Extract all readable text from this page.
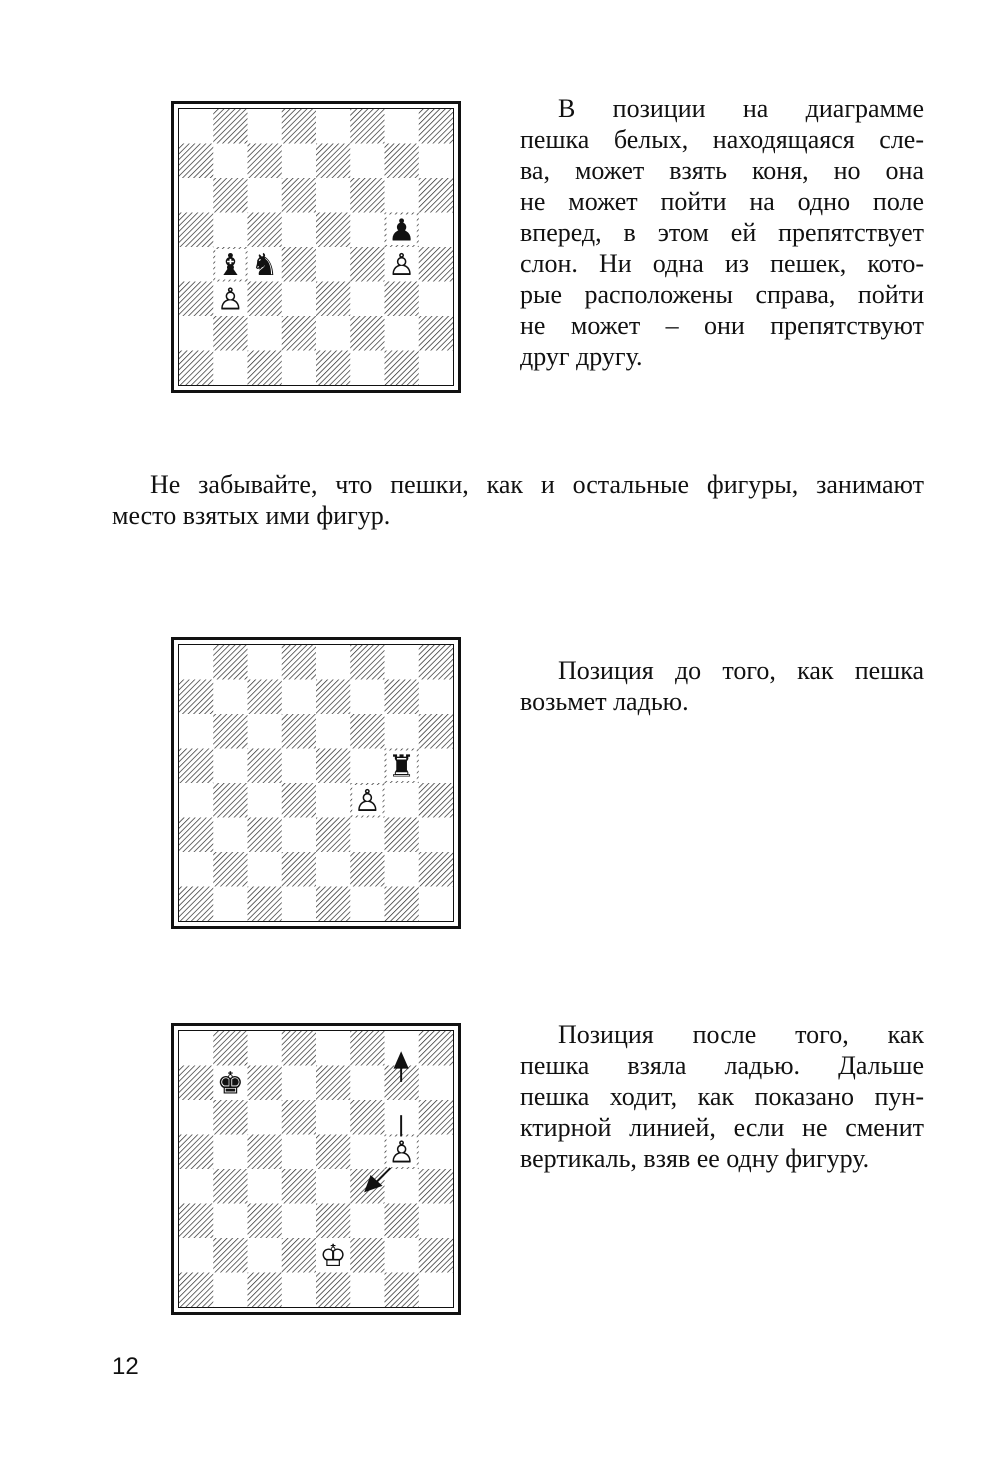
♟
♙
♝ ♞
♙
В позиции на диаграмме
пешка белых, находящаяся сле-
ва, может взять коня, но она
не может пойти на одно поле
вперед, в этом ей препятствует
слон. Ни одна из пешек, кото-
рые расположены справа, пойти
не может – они препятствуют
друг другу.
Не забывайте, что пешки, как и остальные фигуры, занимают
место взятых ими фигур.
♜
♙
Позиция до того, как пешка
возьмет ладью.
♚
♙
♔
Позиция после того, как
пешка взяла ладью. Дальше
пешка ходит, как показано пун-
ктирной линией, если не сменит
вертикаль, взяв ее одну фигуру.
12
